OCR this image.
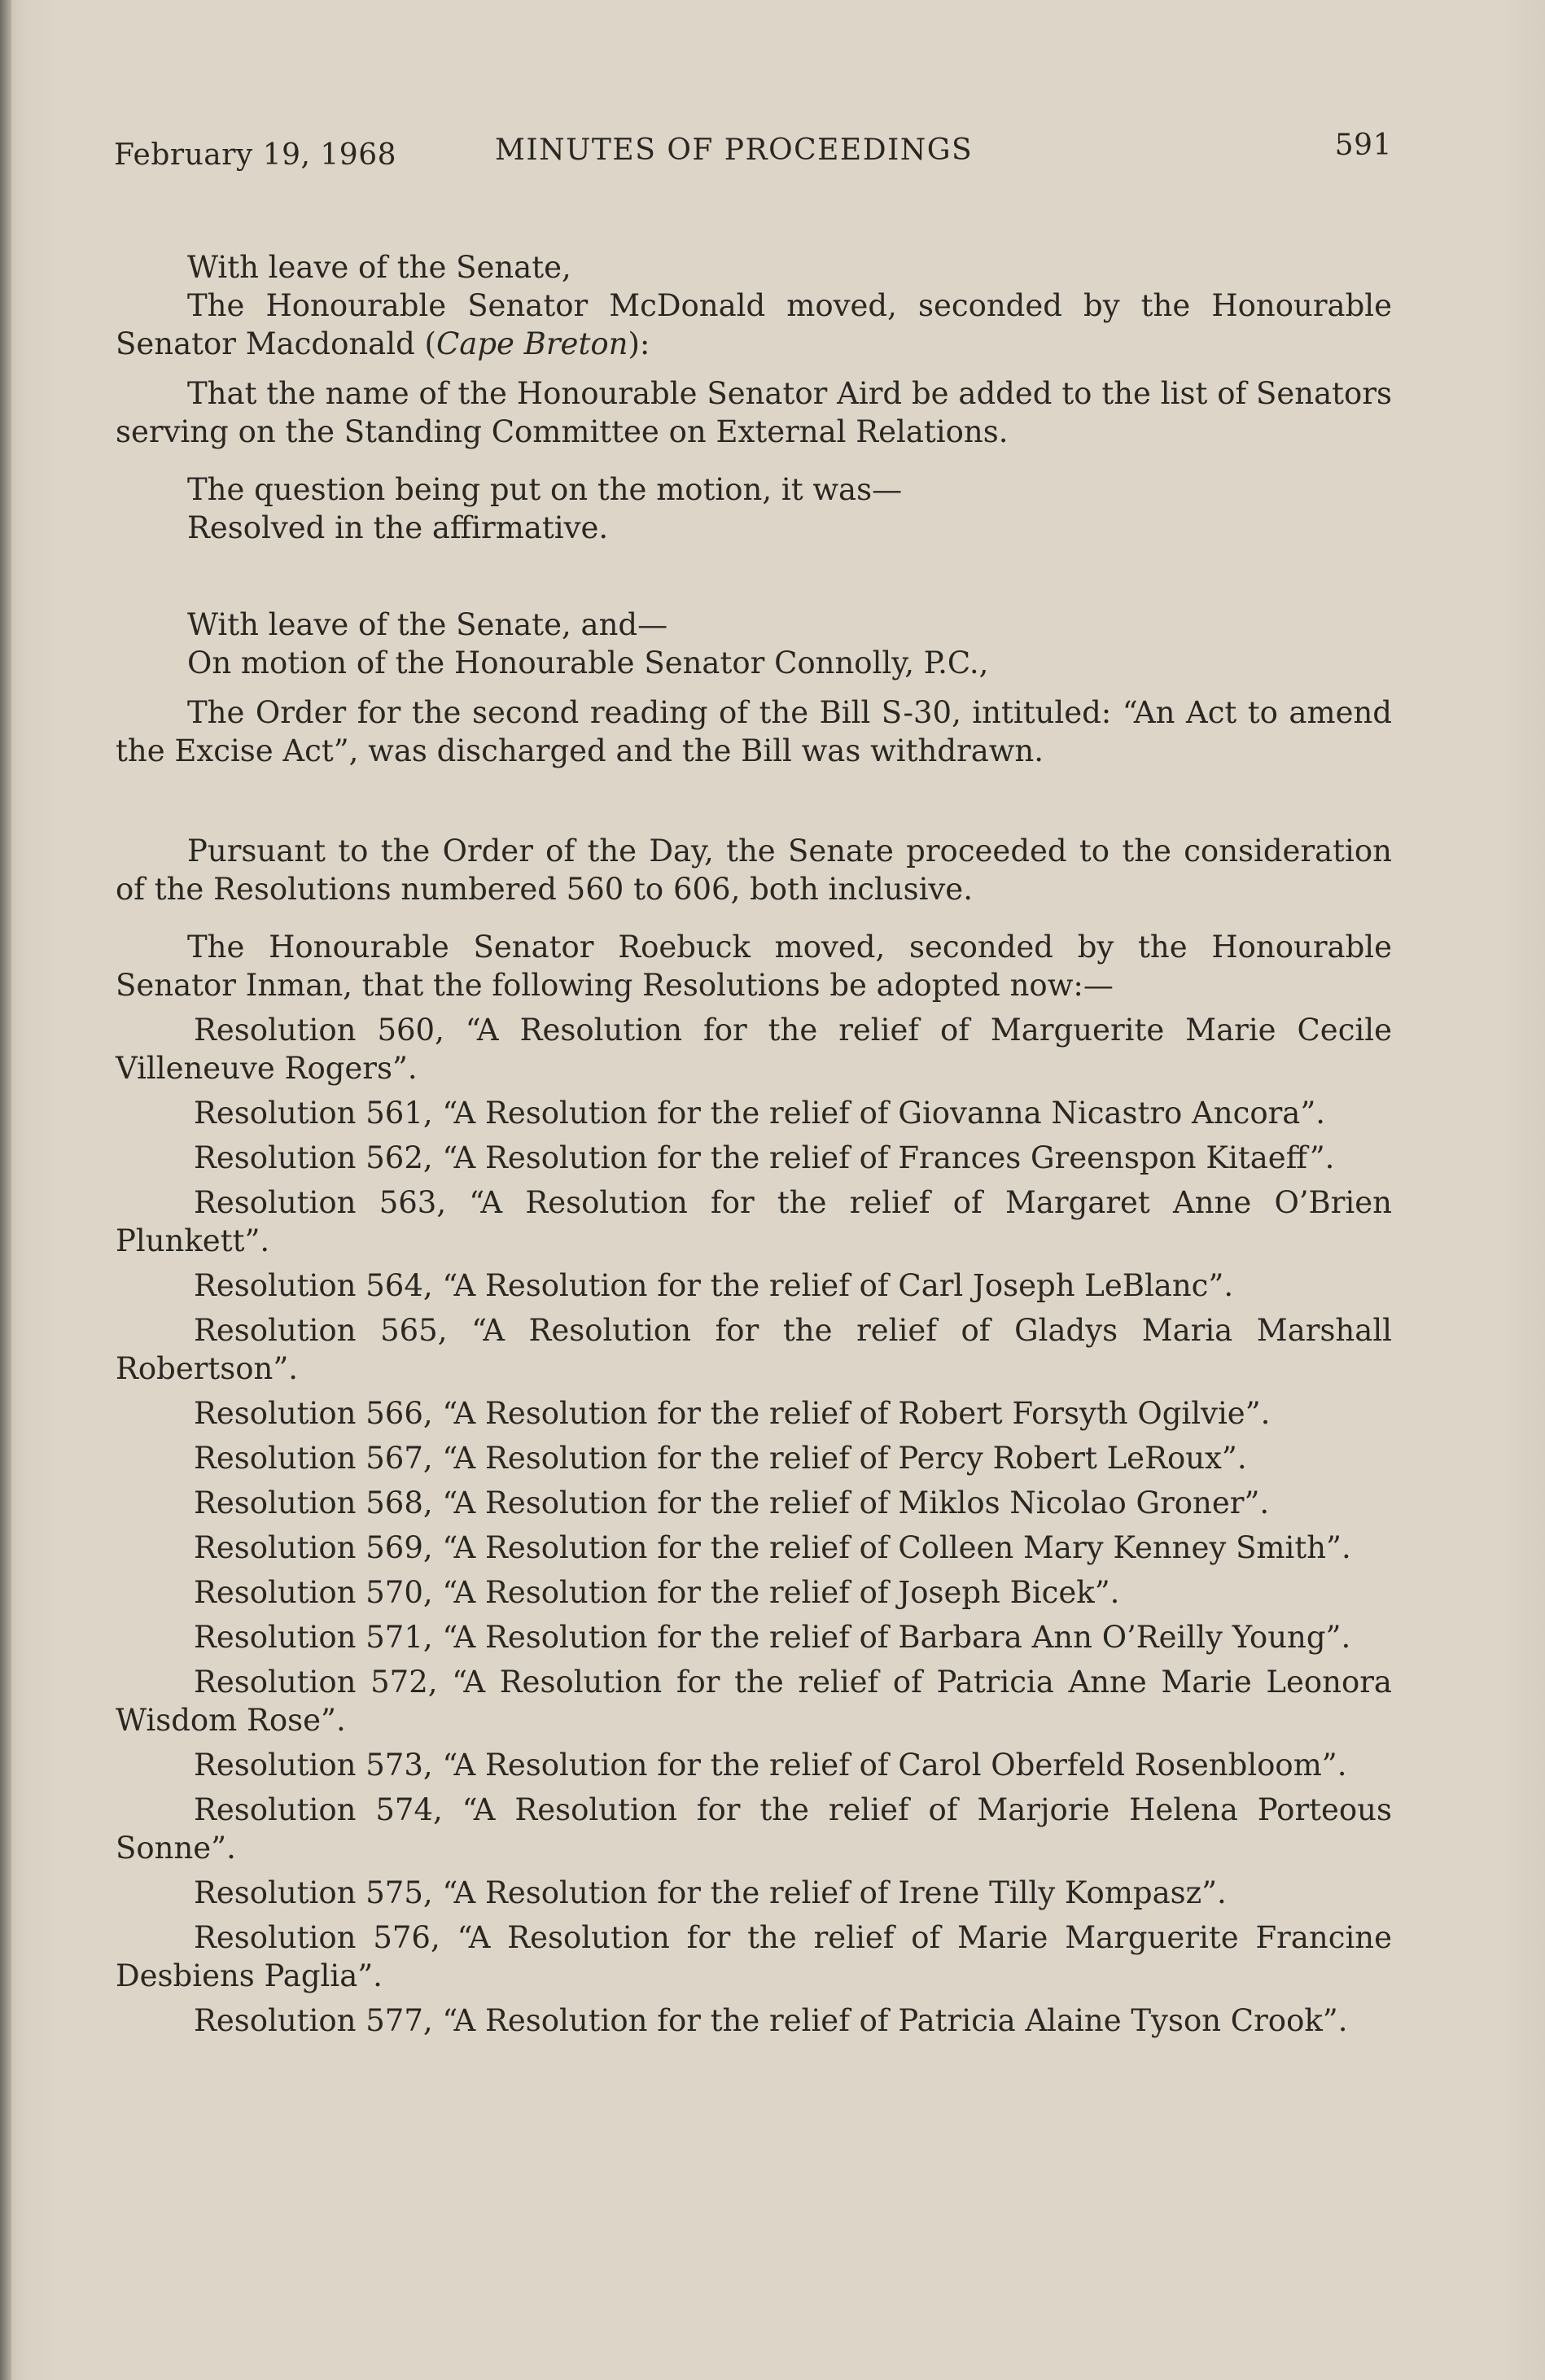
February 19, 1968	MINUTES OF PROCEEDINGS	591

With leave of the Senate,

The Honourable Senator McDonald moved, seconded by the Honourable Senator Macdonald (Cape Breton):

That the name of the Honourable Senator Aird be added to the list of Senators serving on the Standing Committee on External Relations.

The question being put on the motion, it was—

Resolved in the affirmative.

With leave of the Senate, and—

On motion of the Honourable Senator Connolly, P.C.,

The Order for the second reading of the Bill S-30, intituled: “An Act to amend the Excise Act”, was discharged and the Bill was withdrawn.

Pursuant to the Order of the Day, the Senate proceeded to the consideration of the Resolutions numbered 560 to 606, both inclusive.

The Honourable Senator Roebuck moved, seconded by the Honourable Senator Inman, that the following Resolutions be adopted now:—

Resolution 560, “A Resolution for the relief of Marguerite Marie Cecile Villeneuve Rogers”.

Resolution 561, “A Resolution for the relief of Giovanna Nicastro Ancora”.

Resolution 562, “A Resolution for the relief of Frances Greenspon Kitaeff”.

Resolution 563, “A Resolution for the relief of Margaret Anne O’Brien Plunkett”.

Resolution 564, “A Resolution for the relief of Carl Joseph LeBlanc”.

Resolution 565, “A Resolution for the relief of Gladys Maria Marshall Robertson”.

Resolution 566, “A Resolution for the relief of Robert Forsyth Ogilvie”.

Resolution 567, “A Resolution for the relief of Percy Robert LeRoux”.

Resolution 568, “A Resolution for the relief of Miklos Nicolao Groner”.

Resolution 569, “A Resolution for the relief of Colleen Mary Kenney Smith”.

Resolution 570, “A Resolution for the relief of Joseph Bicek”.

Resolution 571, “A Resolution for the relief of Barbara Ann O’Reilly Young”.

Resolution 572, “A Resolution for the relief of Patricia Anne Marie Leonora Wisdom Rose”.

Resolution 573, “A Resolution for the relief of Carol Oberfeld Rosenbloom”.

Resolution 574, “A Resolution for the relief of Marjorie Helena Porteous Sonne”.

Resolution 575, “A Resolution for the relief of Irene Tilly Kompasz”.

Resolution 576, “A Resolution for the relief of Marie Marguerite Francine Desbiens Paglia”.

Resolution 577, “A Resolution for the relief of Patricia Alaine Tyson Crook”.
